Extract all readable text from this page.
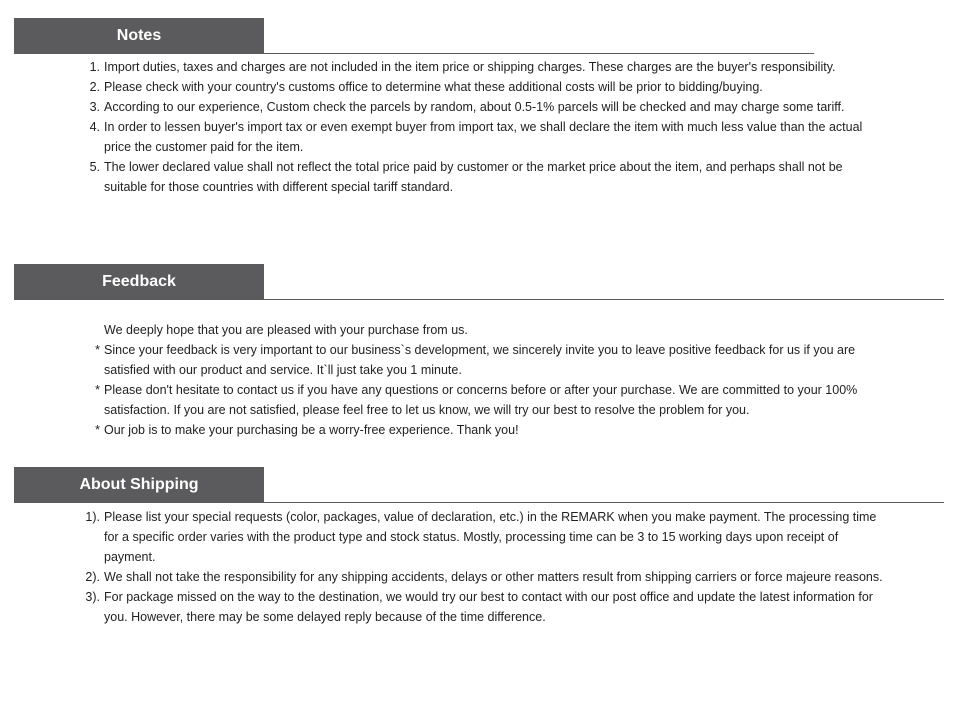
Notes
1. Import duties, taxes and charges are not included in the item price or shipping charges. These charges are the buyer's responsibility.
2. Please check with your country's customs office to determine what these additional costs will be prior to bidding/buying.
3. According to our experience, Custom check the parcels by random, about 0.5-1% parcels will be checked and may charge some tariff.
4. In order to lessen buyer's import tax or even exempt buyer from import tax, we shall declare the item with much less value than the actual price the customer paid for the item.
5. The lower declared value shall not reflect the total price paid by customer or the market price about the item, and perhaps shall not be suitable for those countries with different special tariff standard.
Feedback
We deeply hope that you are pleased with your purchase from us.
* Since your feedback is very important to our business`s development, we sincerely invite you to leave positive feedback for us if you are satisfied with our product and service. It`ll just take you 1 minute.
* Please don't hesitate to contact us if you have any questions or concerns before or after your purchase. We are committed to your 100% satisfaction. If you are not satisfied, please feel free to let us know, we will try our best to resolve the problem for you.
* Our job is to make your purchasing be a worry-free experience. Thank you!
About Shipping
1). Please list your special requests (color, packages, value of declaration, etc.) in the REMARK when you make payment. The processing time for a specific order varies with the product type and stock status. Mostly, processing time can be 3 to 15 working days upon receipt of payment.
2). We shall not take the responsibility for any shipping accidents, delays or other matters result from shipping carriers or force majeure reasons.
3). For package missed on the way to the destination, we would try our best to contact with our post office and update the latest information for you. However, there may be some delayed reply because of the time difference.
